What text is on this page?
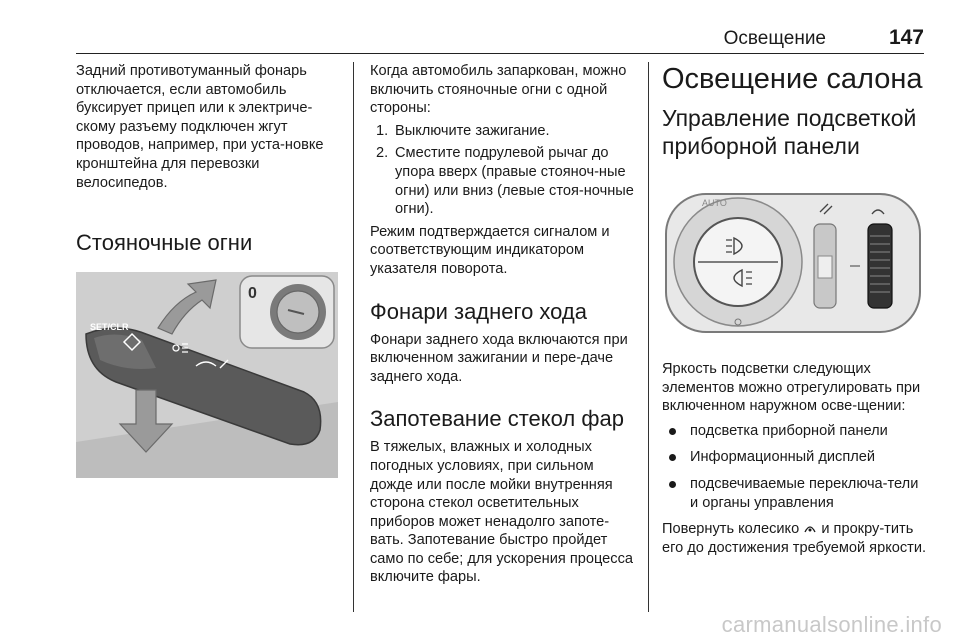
Освещение	147

Задний противотуманный фонарь отключается, если автомобиль буксирует прицеп или к электриче‐скому разъему подключен жгут проводов, например, при уста‐новке кронштейна для перевозки велосипедов.

Стояночные огни
SET/CLR
0

Когда автомобиль запаркован, можно включить стояночные огни с одной стороны:

1. Выключите зажигание.
2. Сместите подрулевой рычаг до упора вверх (правые стояноч‐ные огни) или вниз (левые стоя‐ночные огни).

Режим подтверждается сигналом и соответствующим индикатором указателя поворота.

Фонари заднего хода

Фонари заднего хода включаются при включенном зажигании и пере‐даче заднего хода.

Запотевание стекол фар

В тяжелых, влажных и холодных погодных условиях, при сильном дожде или после мойки внутренняя сторона стекол осветительных приборов может ненадолго запоте‐вать. Запотевание быстро пройдет само по себе; для ускорения процесса включите фары.

Освещение салона
Управление подсветкой приборной панели
AUTO

Яркость подсветки следующих элементов можно отрегулировать при включенном наружном осве‐щении:

подсветка приборной панели
Информационный дисплей
подсвечиваемые переключа‐тели и органы управления

Повернуть колесико и прокру‐тить его до достижения требуемой яркости.

carmanualsonline.info
